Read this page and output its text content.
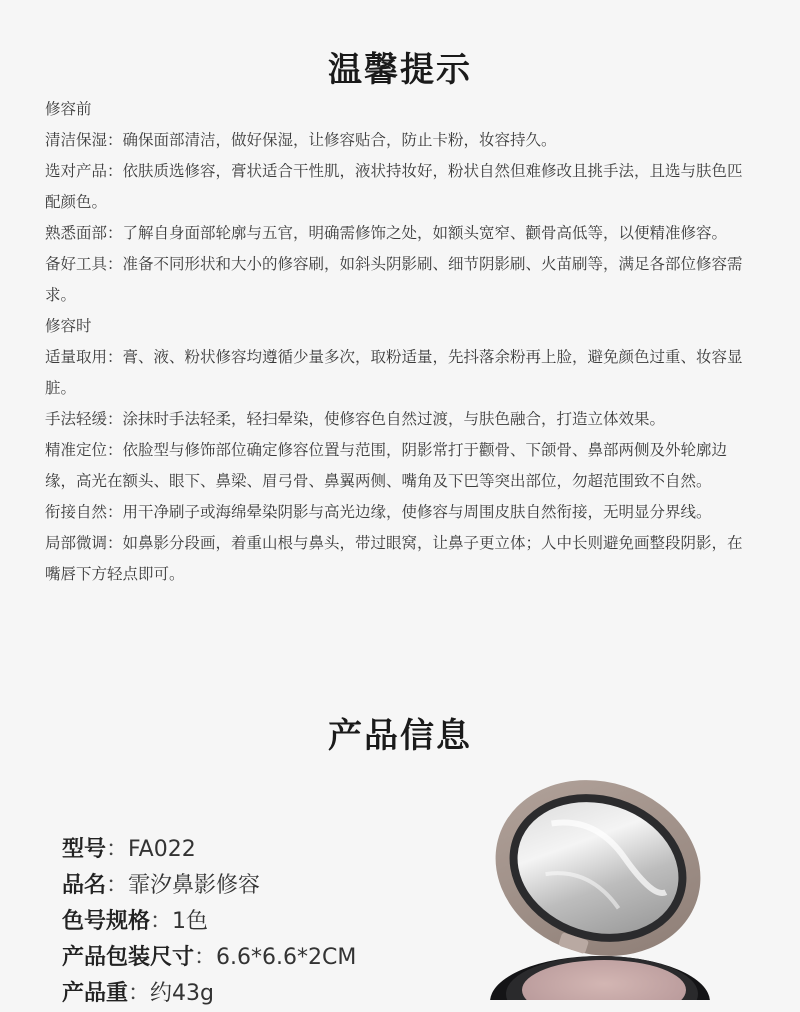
温馨提示

修容前

清洁保湿：确保面部清洁，做好保湿，让修容贴合，防止卡粉，妆容持久。

选对产品：依肤质选修容，膏状适合干性肌，液状持妆好，粉状自然但难修改且挑手法，且选与肤色匹配颜色。

熟悉面部：了解自身面部轮廓与五官，明确需修饰之处，如额头宽窄、颧骨高低等，以便精准修容。

备好工具：准备不同形状和大小的修容刷，如斜头阴影刷、细节阴影刷、火苗刷等，满足各部位修容需求。

修容时

适量取用：膏、液、粉状修容均遵循少量多次，取粉适量，先抖落余粉再上脸，避免颜色过重、妆容显脏。

手法轻缓：涂抹时手法轻柔，轻扫晕染，使修容色自然过渡，与肤色融合，打造立体效果。

精准定位：依脸型与修饰部位确定修容位置与范围，阴影常打于颧骨、下颌骨、鼻部两侧及外轮廓边缘，高光在额头、眼下、鼻梁、眉弓骨、鼻翼两侧、嘴角及下巴等突出部位，勿超范围致不自然。

衔接自然：用干净刷子或海绵晕染阴影与高光边缘，使修容与周围皮肤自然衔接，无明显分界线。

局部微调：如鼻影分段画，着重山根与鼻头，带过眼窝，让鼻子更立体；人中长则避免画整段阴影，在嘴唇下方轻点即可。

产品信息
型号：FA022
品名：霏汐鼻影修容
色号规格：1色
产品包装尺寸：6.6*6.6*2CM
产品重：约43g
